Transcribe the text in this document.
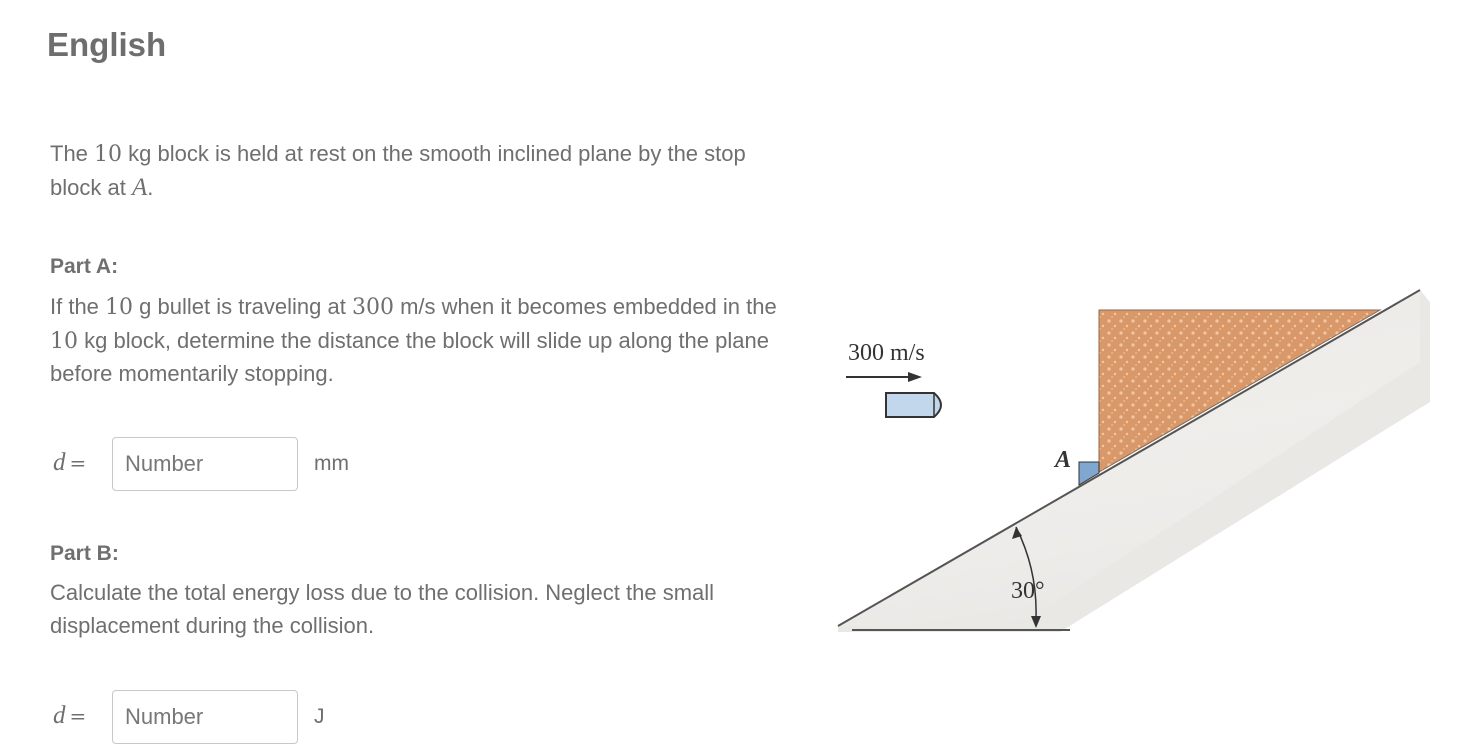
English
The 10 kg block is held at rest on the smooth inclined plane by the stop block at A.
Part A:
If the 10 g bullet is traveling at 300 m/s when it becomes embedded in the 10 kg block, determine the distance the block will slide up along the plane before momentarily stopping.
d =
Number	mm
Part B:
Calculate the total energy loss due to the collision. Neglect the small displacement during the collision.
d =
Number	J
A
300 m/s
30°
